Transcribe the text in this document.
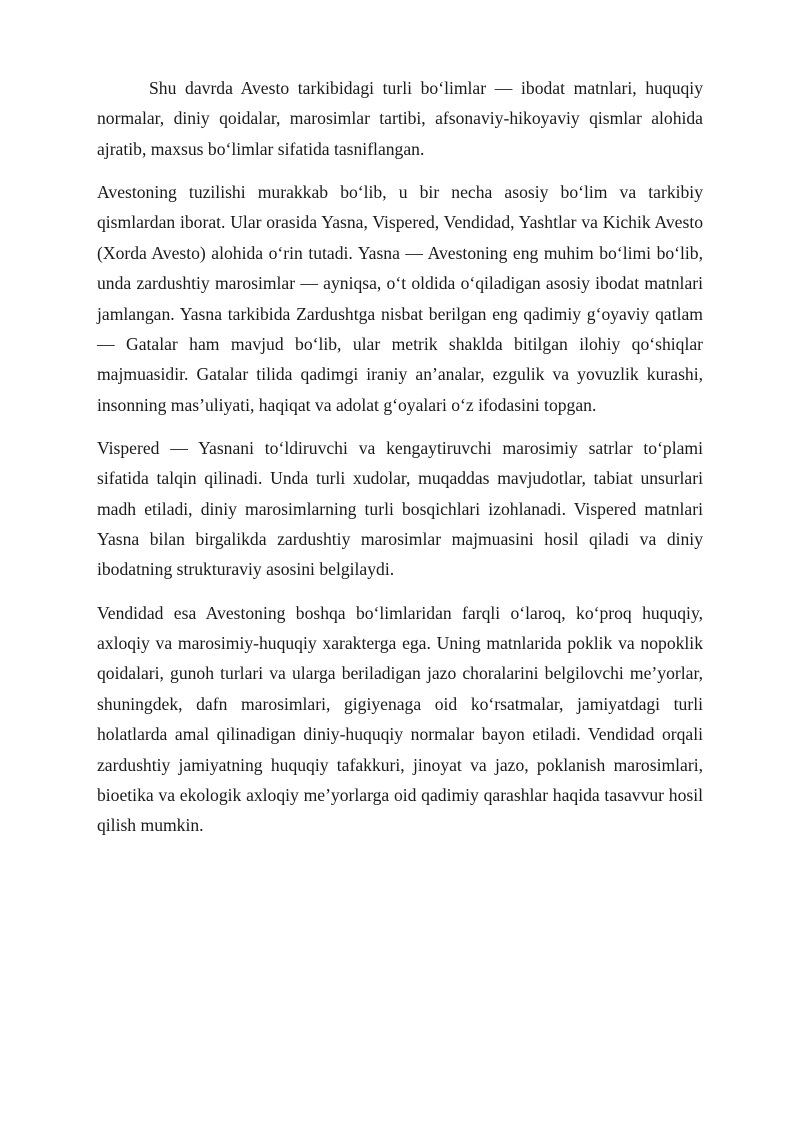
Shu davrda Avesto tarkibidagi turli bo‘limlar — ibodat matnlari, huquqiy normalar, diniy qoidalar, marosimlar tartibi, afsonaviy-hikoyaviy qismlar alohida ajratib, maxsus bo‘limlar sifatida tasniflangan.

Avestoning tuzilishi murakkab bo‘lib, u bir necha asosiy bo‘lim va tarkibiy qismlardan iborat. Ular orasida Yasna, Vispered, Vendidad, Yashtlar va Kichik Avesto (Xorda Avesto) alohida o‘rin tutadi. Yasna — Avestoning eng muhim bo‘limi bo‘lib, unda zardushtiy marosimlar — ayniqsa, o‘t oldida o‘qiladigan asosiy ibodat matnlari jamlangan. Yasna tarkibida Zardushtga nisbat berilgan eng qadimiy g‘oyaviy qatlam — Gatalar ham mavjud bo‘lib, ular metrik shaklda bitilgan ilohiy qo‘shiqlar majmuasidir. Gatalar tilida qadimgi iraniy an’analar, ezgulik va yovuzlik kurashi, insonning mas’uliyati, haqiqat va adolat g‘oyalari o‘z ifodasini topgan.

Vispered — Yasnani to‘ldiruvchi va kengaytiruvchi marosimiy satrlar to‘plami sifatida talqin qilinadi. Unda turli xudolar, muqaddas mavjudotlar, tabiat unsurlari madh etiladi, diniy marosimlarning turli bosqichlari izohlanadi. Vispered matnlari Yasna bilan birgalikda zardushtiy marosimlar majmuasini hosil qiladi va diniy ibodatning strukturaviy asosini belgilaydi.

Vendidad esa Avestoning boshqa bo‘limlaridan farqli o‘laroq, ko‘proq huquqiy, axloqiy va marosimiy-huquqiy xarakterga ega. Uning matnlarida poklik va nopoklik qoidalari, gunoh turlari va ularga beriladigan jazo choralarini belgilovchi me’yorlar, shuningdek, dafn marosimlari, gigiyenaga oid ko‘rsatmalar, jamiyatdagi turli holatlarda amal qilinadigan diniy-huquqiy normalar bayon etiladi. Vendidad orqali zardushtiy jamiyatning huquqiy tafakkuri, jinoyat va jazo, poklanish marosimlari, bioetika va ekologik axloqiy me’yorlarga oid qadimiy qarashlar haqida tasavvur hosil qilish mumkin.
